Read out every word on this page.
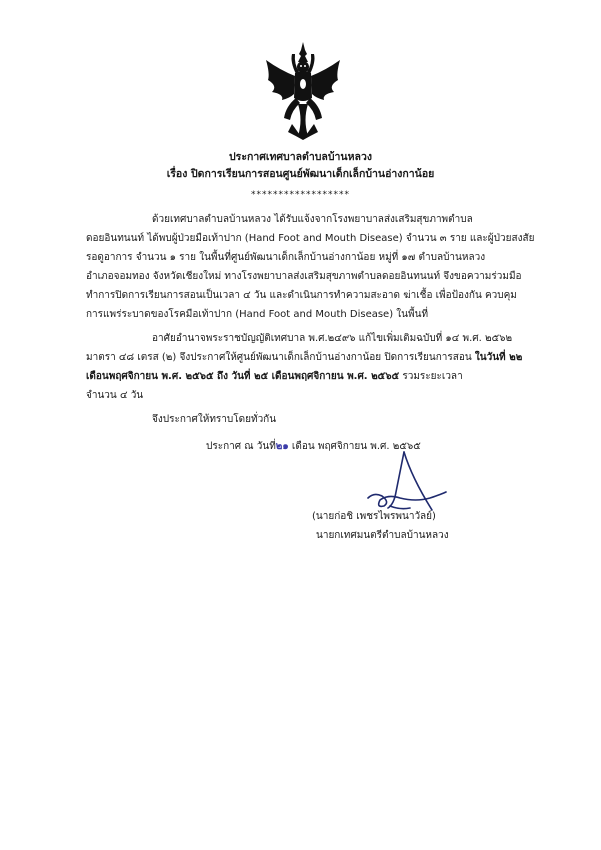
ประกาศเทศบาลตำบลบ้านหลวง
เรื่อง ปิดการเรียนการสอนศูนย์พัฒนาเด็กเล็กบ้านอ่างกาน้อย
******************
ด้วยเทศบาลตำบลบ้านหลวง ได้รับแจ้งจากโรงพยาบาลส่งเสริมสุขภาพตำบล
ดอยอินทนนท์ ได้พบผู้ป่วยมือเท้าปาก (Hand Foot and Mouth Disease) จำนวน ๓ ราย และผู้ป่วยสงสัย
รอดูอาการ จำนวน ๑ ราย ในพื้นที่ศูนย์พัฒนาเด็กเล็กบ้านอ่างกาน้อย หมู่ที่ ๑๗ ตำบลบ้านหลวง
อำเภอจอมทอง จังหวัดเชียงใหม่ ทางโรงพยาบาลส่งเสริมสุขภาพตำบลดอยอินทนนท์ จึงขอความร่วมมือ
ทำการปิดการเรียนการสอนเป็นเวลา ๔ วัน และดำเนินการทำความสะอาด ฆ่าเชื้อ เพื่อป้องกัน ควบคุม
การแพร่ระบาดของโรคมือเท้าปาก (Hand Foot and Mouth Disease) ในพื้นที่
อาศัยอำนาจพระราชบัญญัติเทศบาล พ.ศ.๒๔๙๖ แก้ไขเพิ่มเติมฉบับที่ ๑๔ พ.ศ. ๒๕๖๒
มาตรา ๔๘ เตรส (๒) จึงประกาศให้ศูนย์พัฒนาเด็กเล็กบ้านอ่างกาน้อย ปิดการเรียนการสอน ในวันที่ ๒๒
เดือนพฤศจิกายน พ.ศ. ๒๕๖๕ ถึง วันที่ ๒๕ เดือนพฤศจิกายน พ.ศ. ๒๕๖๕ รวมระยะเวลา
จำนวน ๔ วัน
จึงประกาศให้ทราบโดยทั่วกัน
ประกาศ ณ วันที่๒๑ เดือน พฤศจิกายน พ.ศ. ๒๕๖๕
(นายก่อชิ เพชรไพรพนาวัลย์)
นายกเทศมนตรีตำบลบ้านหลวง
